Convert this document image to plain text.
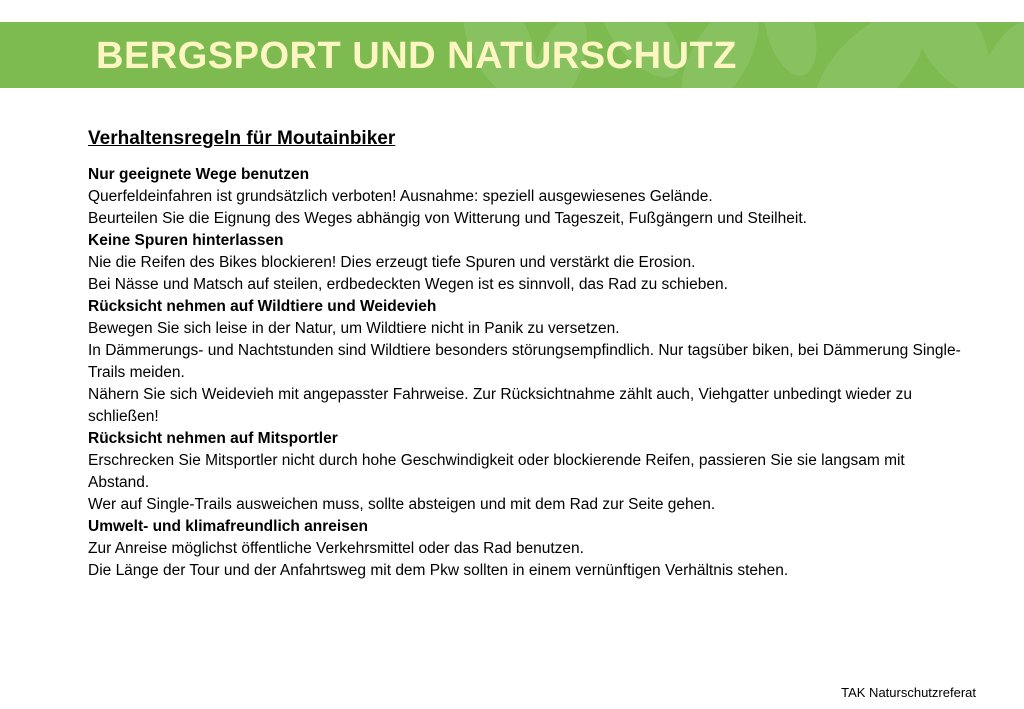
BERGSPORT UND NATURSCHUTZ
Verhaltensregeln für Moutainbiker
Nur geeignete Wege benutzen
Querfeldeinfahren ist grundsätzlich verboten! Ausnahme: speziell ausgewiesenes Gelände.
Beurteilen Sie die Eignung des Weges abhängig von Witterung und Tageszeit, Fußgängern und Steilheit.
Keine Spuren hinterlassen
Nie die Reifen des Bikes blockieren! Dies erzeugt tiefe Spuren und verstärkt die Erosion.
Bei Nässe und Matsch auf steilen, erdbedeckten Wegen ist es sinnvoll, das Rad zu schieben.
Rücksicht nehmen auf Wildtiere und Weidevieh
Bewegen Sie sich leise in der Natur, um Wildtiere nicht in Panik zu versetzen.
In Dämmerungs- und Nachtstunden sind Wildtiere besonders störungsempfindlich. Nur tagsüber biken, bei Dämmerung Single-Trails meiden.
Nähern Sie sich Weidevieh mit angepasster Fahrweise. Zur Rücksichtnahme zählt auch, Viehgatter unbedingt wieder zu schließen!
Rücksicht nehmen auf Mitsportler
Erschrecken Sie Mitsportler nicht durch hohe Geschwindigkeit oder blockierende Reifen, passieren Sie sie langsam mit Abstand.
Wer auf Single-Trails ausweichen muss, sollte absteigen und mit dem Rad zur Seite gehen.
Umwelt- und klimafreundlich anreisen
Zur Anreise möglichst öffentliche Verkehrsmittel oder das Rad benutzen.
Die Länge der Tour und der Anfahrtsweg mit dem Pkw sollten in einem vernünftigen Verhältnis stehen.
TAK Naturschutzreferat
